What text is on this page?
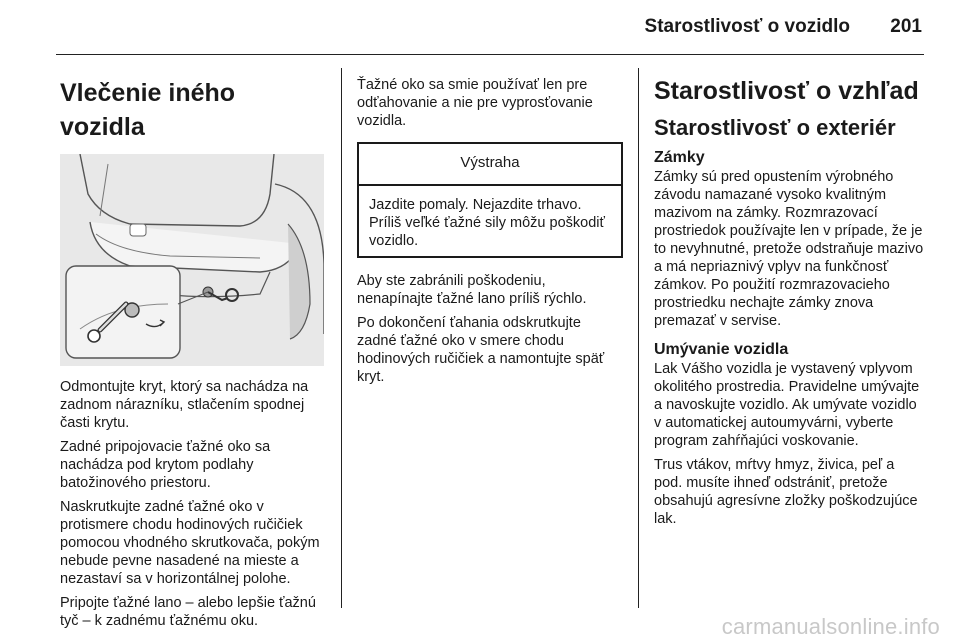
Starostlivosť o vozidlo	201
Vlečenie iného vozidla

Odmontujte kryt, ktorý sa nachádza na zadnom nárazníku, stlačením spodnej časti krytu.

Zadné pripojovacie ťažné oko sa nachádza pod krytom podlahy batožinového priestoru.

Naskrutkujte zadné ťažné oko v protismere chodu hodinových ručičiek pomocou vhodného skrutkovača, pokým nebude pevne nasadené na mieste a nezastaví sa v horizontálnej polohe.

Pripojte ťažné lano – alebo lepšie ťažnú tyč – k zadnému ťažnému oku.

Ťažné oko sa smie používať len pre odťahovanie a nie pre vyprosťovanie vozidla.

Výstraha

Jazdite pomaly. Nejazdite trhavo. Príliš veľké ťažné sily môžu poškodiť vozidlo.

Aby ste zabránili poškodeniu, nenapínajte ťažné lano príliš rýchlo.

Po dokončení ťahania odskrutkujte zadné ťažné oko v smere chodu hodinových ručičiek a namontujte späť kryt.

Starostlivosť o vzhľad
Starostlivosť o exteriér
Zámky

Zámky sú pred opustením výrobného závodu namazané vysoko kvalitným mazivom na zámky. Rozmrazovací prostriedok používajte len v prípade, že je to nevyhnutné, pretože odstraňuje mazivo a má nepriaznivý vplyv na funkčnosť zámkov. Po použití rozmrazovacieho prostriedku nechajte zámky znova premazať v servise.

Umývanie vozidla

Lak Vášho vozidla je vystavený vplyvom okolitého prostredia. Pravidelne umývajte a navoskujte vozidlo. Ak umývate vozidlo v automatickej autoumyvárni, vyberte program zahŕňajúci voskovanie.

Trus vtákov, mŕtvy hmyz, živica, peľ a pod. musíte ihneď odstrániť, pretože obsahujú agresívne zložky poškodzujúce lak.

carmanualsonline.info
